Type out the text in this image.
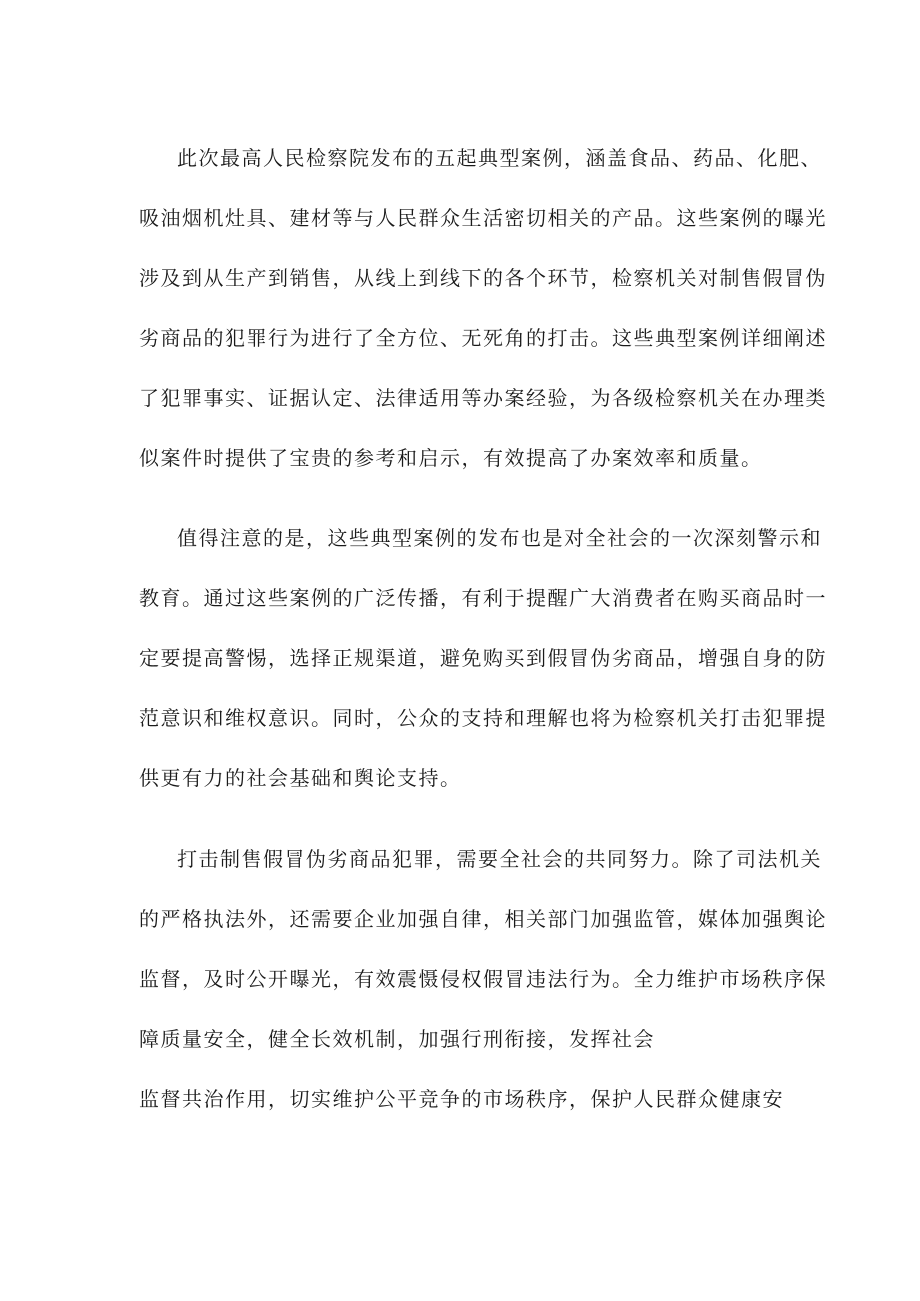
此次最高人民检察院发布的五起典型案例，涵盖食品、药品、化肥、
吸油烟机灶具、建材等与人民群众生活密切相关的产品。这些案例的曝光
涉及到从生产到销售，从线上到线下的各个环节，检察机关对制售假冒伪
劣商品的犯罪行为进行了全方位、无死角的打击。这些典型案例详细阐述
了犯罪事实、证据认定、法律适用等办案经验，为各级检察机关在办理类
似案件时提供了宝贵的参考和启示，有效提高了办案效率和质量。
值得注意的是，这些典型案例的发布也是对全社会的一次深刻警示和
教育。通过这些案例的广泛传播，有利于提醒广大消费者在购买商品时一
定要提高警惕，选择正规渠道，避免购买到假冒伪劣商品，增强自身的防
范意识和维权意识。同时，公众的支持和理解也将为检察机关打击犯罪提
供更有力的社会基础和舆论支持。
打击制售假冒伪劣商品犯罪，需要全社会的共同努力。除了司法机关
的严格执法外，还需要企业加强自律，相关部门加强监管，媒体加强舆论
监督，及时公开曝光，有效震慑侵权假冒违法行为。全力维护市场秩序保
障质量安全，健全长效机制，加强行刑衔接，发挥社会
监督共治作用，切实维护公平竞争的市场秩序，保护人民群众健康安
